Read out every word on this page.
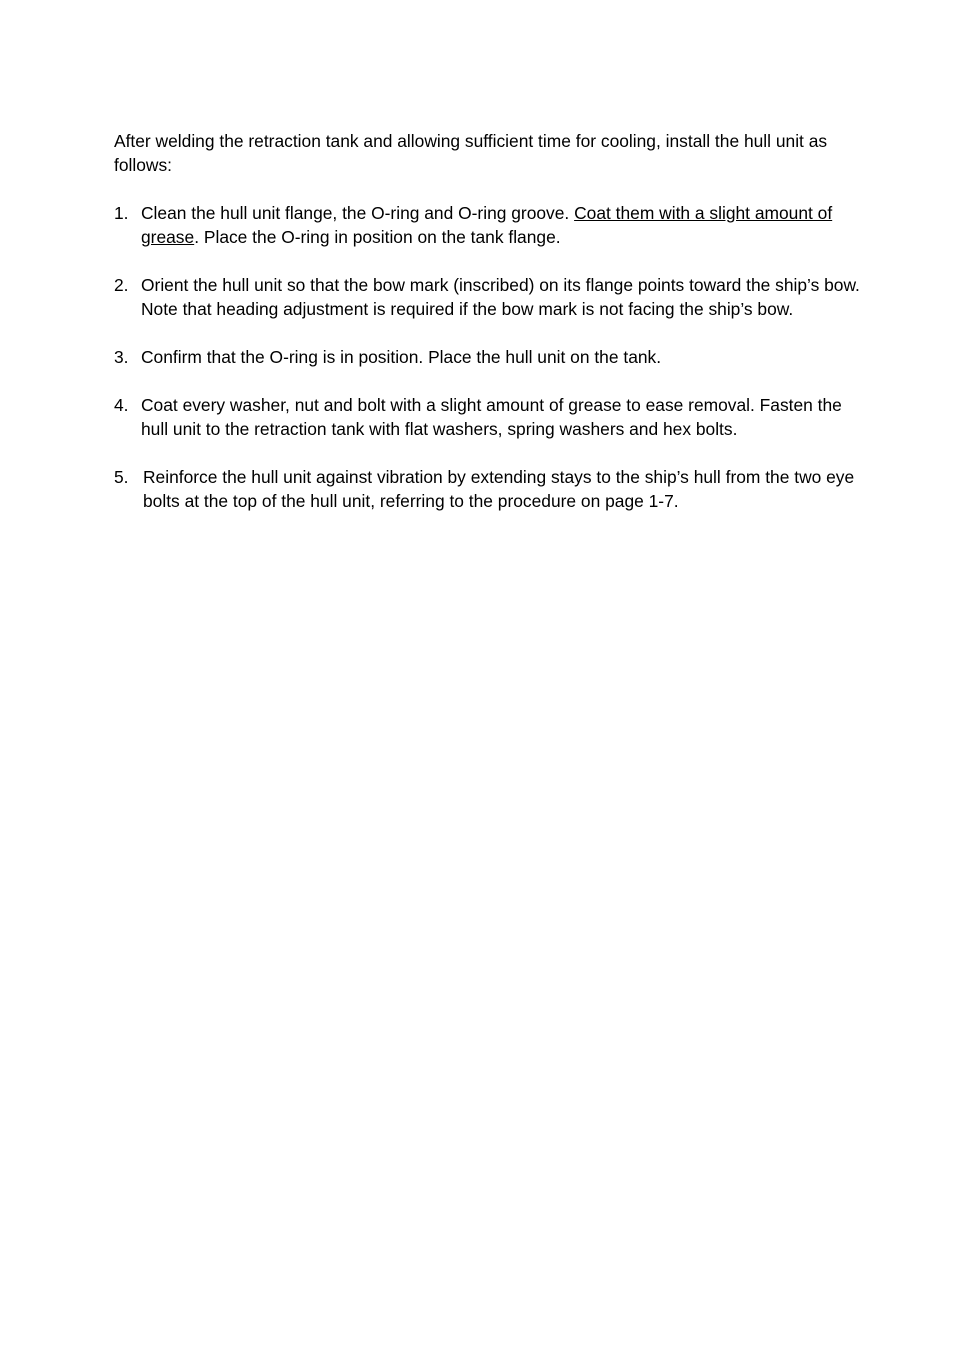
After welding the retraction tank and allowing sufficient time for cooling, install the hull unit as follows:

1. Clean the hull unit flange, the O-ring and O-ring groove. Coat them with a slight amount of grease. Place the O-ring in position on the tank flange.
2. Orient the hull unit so that the bow mark (inscribed) on its flange points toward the ship’s bow. Note that heading adjustment is required if the bow mark is not facing the ship’s bow.
3. Confirm that the O-ring is in position. Place the hull unit on the tank.
4. Coat every washer, nut and bolt with a slight amount of grease to ease removal. Fasten the hull unit to the retraction tank with flat washers, spring washers and hex bolts.
5. Reinforce the hull unit against vibration by extending stays to the ship’s hull from the two eye bolts at the top of the hull unit, referring to the procedure on page 1-7.
